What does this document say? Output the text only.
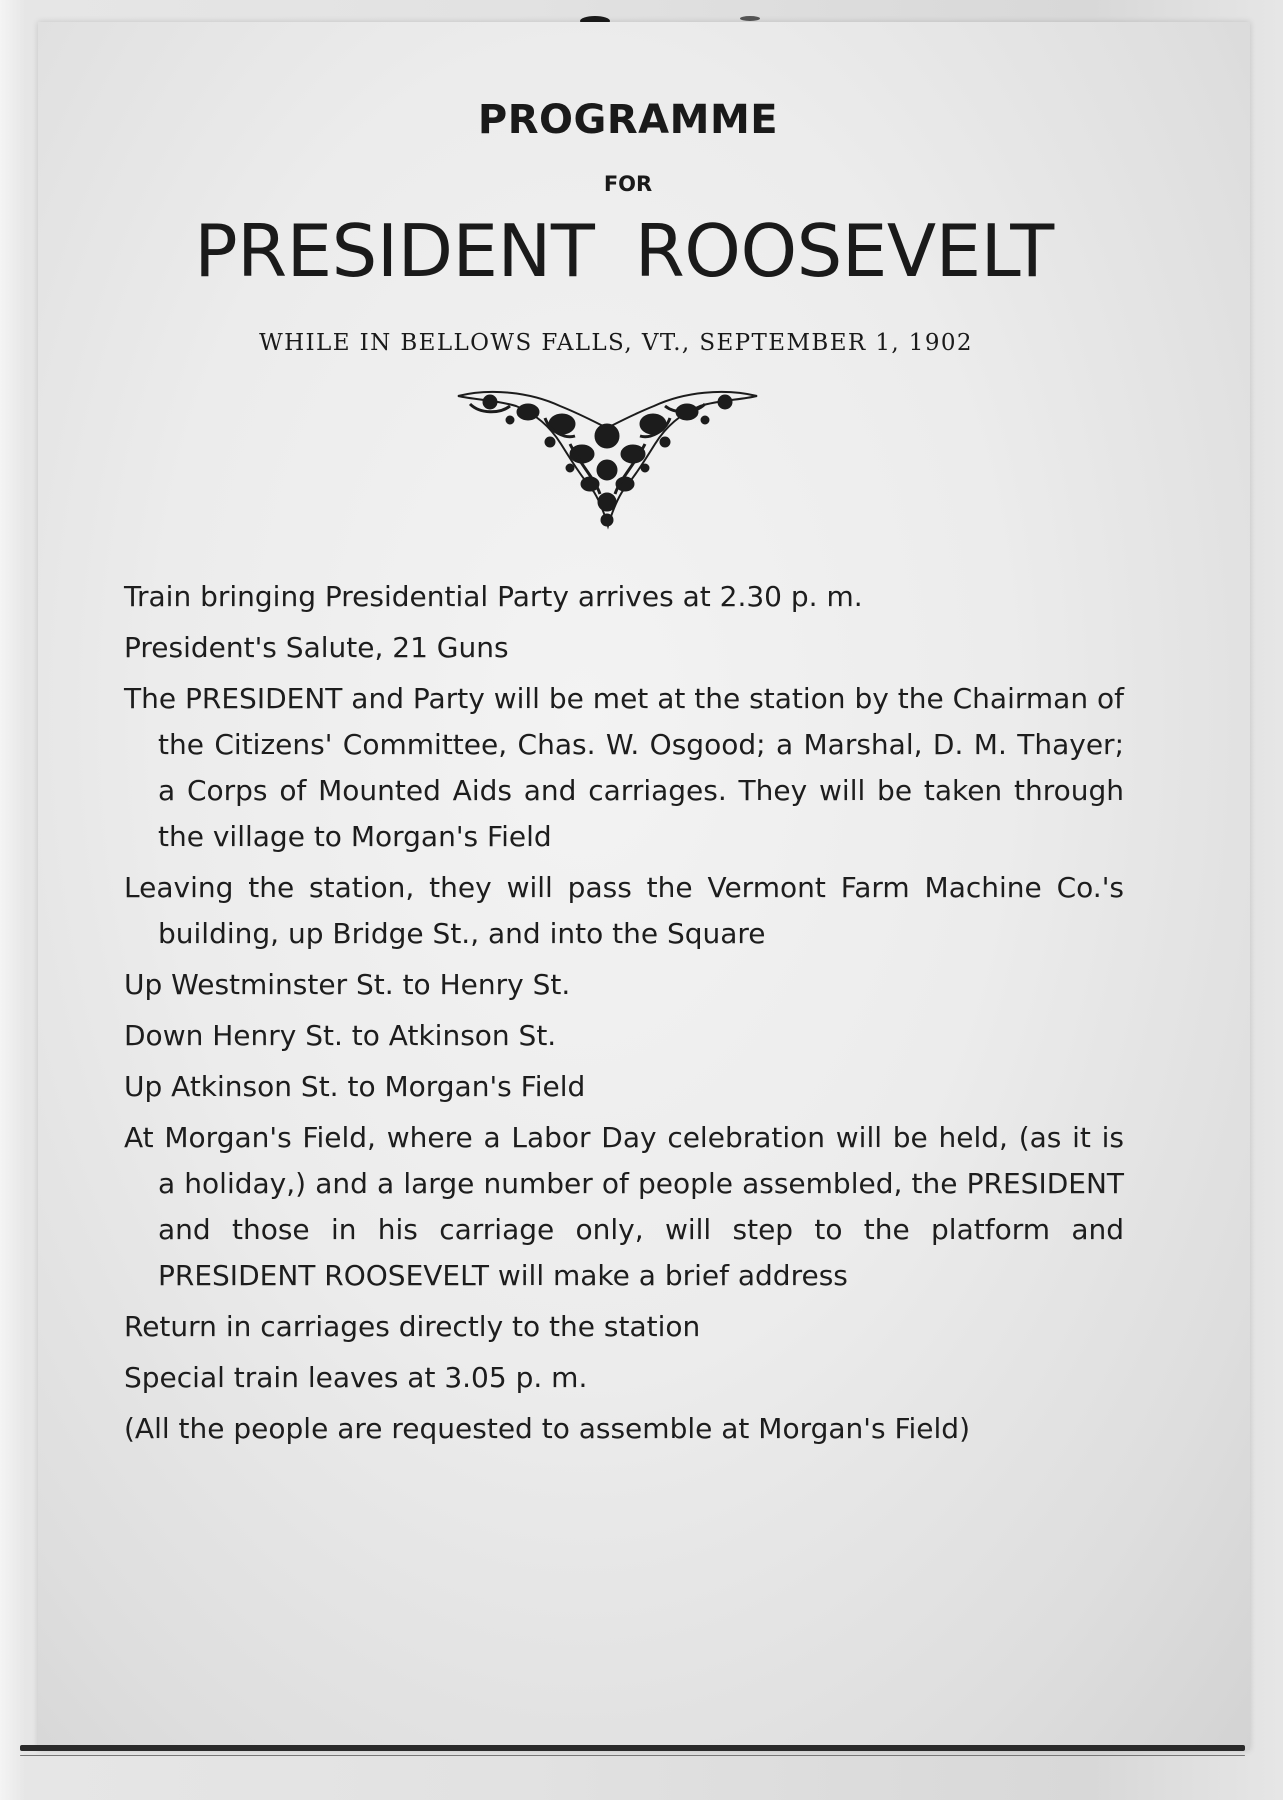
PROGRAMME
FOR
PRESIDENT ROOSEVELT
WHILE IN BELLOWS FALLS, VT., SEPTEMBER 1, 1902
Train bringing Presidential Party arrives at 2.30 p. m.
President's Salute, 21 Guns
The PRESIDENT and Party will be met at the station by the Chairman of the Citizens' Committee, Chas. W. Osgood; a Marshal, D. M. Thayer; a Corps of Mounted Aids and carriages. They will be taken through the village to Morgan's Field
Leaving the station, they will pass the Vermont Farm Machine Co.'s building, up Bridge St., and into the Square
Up Westminster St. to Henry St.
Down Henry St. to Atkinson St.
Up Atkinson St. to Morgan's Field
At Morgan's Field, where a Labor Day celebration will be held, (as it is a holiday,) and a large number of people assembled, the PRESIDENT and those in his carriage only, will step to the platform and PRESIDENT ROOSEVELT will make a brief address
Return in carriages directly to the station
Special train leaves at 3.05 p. m.
(All the people are requested to assemble at Morgan's Field)
